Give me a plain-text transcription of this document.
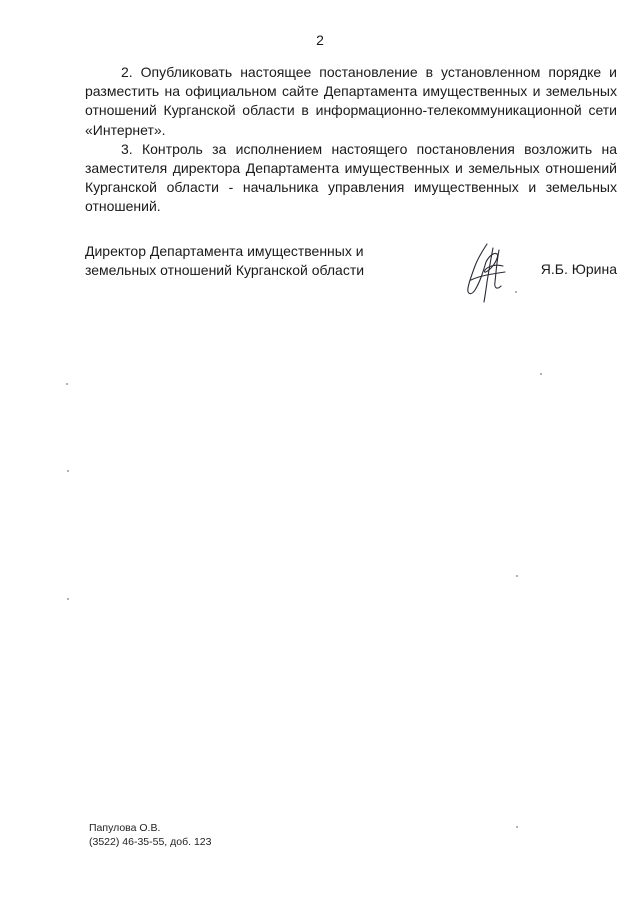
2

2. Опубликовать настоящее постановление в установленном порядке и разместить на официальном сайте Департамента имущественных и земельных отношений Курганской области в информационно-телекоммуникационной сети «Интернет».

3. Контроль за исполнением настоящего постановления возложить на заместителя директора Департамента имущественных и земельных отношений Курганской области - начальника управления имущественных и земельных отношений.

Директор Департамента имущественных и
земельных отношений Курганской области	Я.Б. Юрина
Папулова О.В.
(3522) 46-35-55, доб. 123
